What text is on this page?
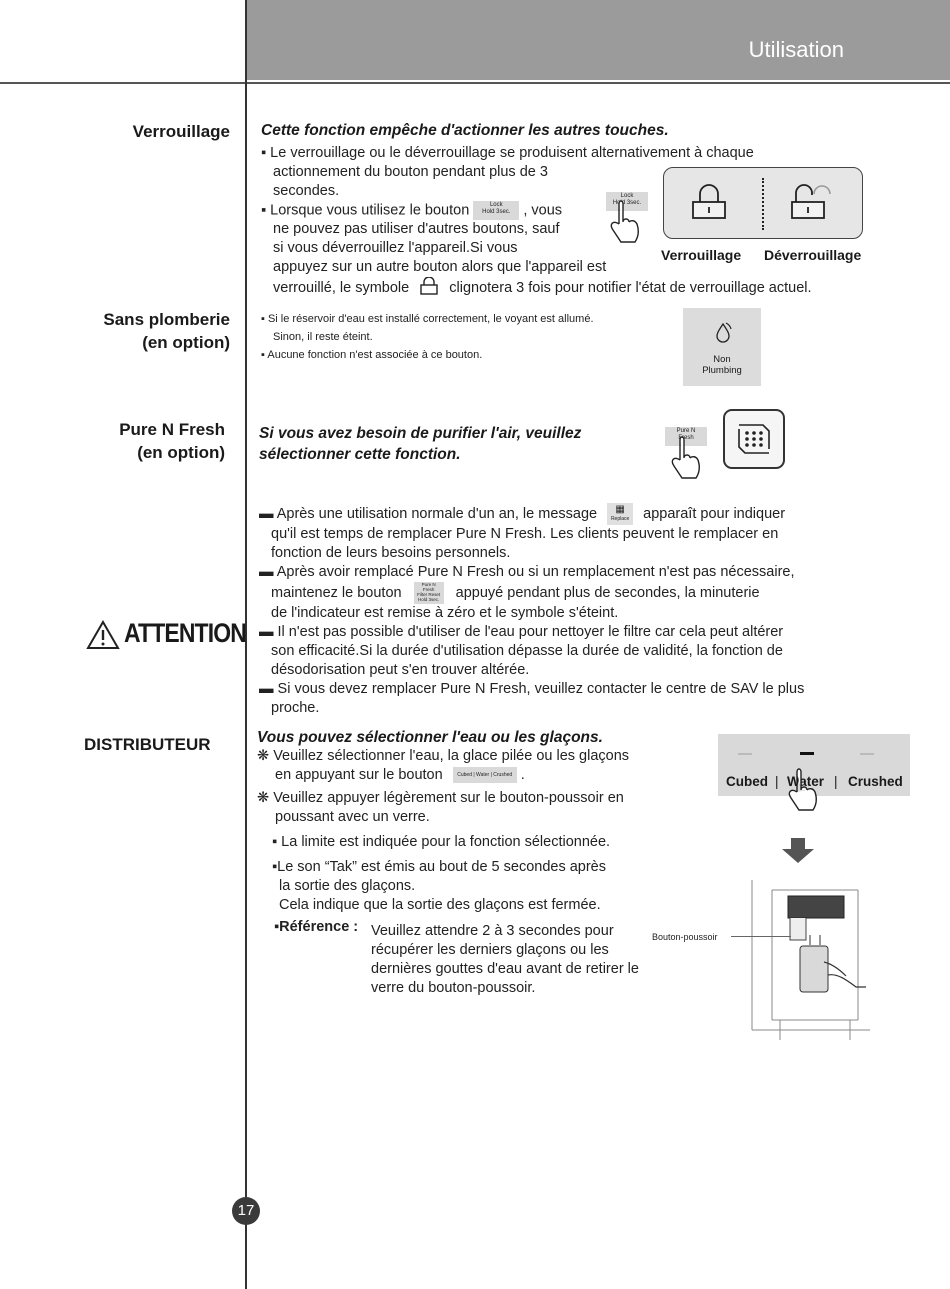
Utilisation
Verrouillage Cette fonction empêche d'actionner les autres touches.
▪ Le verrouillage ou le déverrouillage se produisent alternativement à chaque
actionnement du bouton pendant plus de 3
secondes.
▪ Lorsque vous utilisez le bouton	Lock
Hold 3sec. , vous
ne pouvez pas utiliser d'autres boutons, sauf
si vous déverrouillez l'appareil.Si vous
appuyez sur un autre bouton alors que l'appareil est
verrouillé, le symbole	clignotera 3 fois pour notifier l'état de verrouillage actuel.
Lock
Hold 3sec.
Verrouillage Déverrouillage
Sans plomberie
(en option)
▪ Si le réservoir d'eau est installé correctement, le voyant est allumé.
Sinon, il reste éteint.
▪ Aucune fonction n'est associée à ce bouton.	Non
Plumbing
Pure N Fresh
(en option)
Si vous avez besoin de purifier l'air, veuillez
sélectionner cette fonction.
Pure N
Fresh
▬ Après une utilisation normale d'un an, le message ▦
Replace apparaît pour indiquer
qu'il est temps de remplacer Pure N Fresh. Les clients peuvent le remplacer en
fonction de leurs besoins personnels.
▬ Après avoir remplacé Pure N Fresh ou si un remplacement n'est pas nécessaire,
maintenez le bouton Pure N
Fresh
Filter Reset
Hold 3sec. appuyé pendant plus de secondes, la minuterie
de l'indicateur est remise à zéro et le symbole s'éteint.
▬ Il n'est pas possible d'utiliser de l'eau pour nettoyer le filtre car cela peut altérer
son efficacité.Si la durée d'utilisation dépasse la durée de validité, la fonction de
désodorisation peut s'en trouver altérée.
▬ Si vous devez remplacer Pure N Fresh, veuillez contacter le centre de SAV le plus
proche.
ATTENTION
DISTRIBUTEUR	Vous pouvez sélectionner l'eau ou les glaçons.
❋ Veuillez sélectionner l'eau, la glace pilée ou les glaçons
en appuyant sur le bouton	Cubed | Water | Crushed .
❋ Veuillez appuyer légèrement sur le bouton-poussoir en
poussant avec un verre.
▪ La limite est indiquée pour la fonction sélectionnée.
▪Le son “Tak” est émis au bout de 5 secondes après
la sortie des glaçons.
Cela indique que la sortie des glaçons est fermée.
▪Référence : Veuillez attendre 2 à 3 secondes pour
récupérer les derniers glaçons ou les
dernières gouttes d'eau avant de retirer le
verre du bouton-poussoir.
Cubed | Water | Crushed
Bouton-poussoir
17
